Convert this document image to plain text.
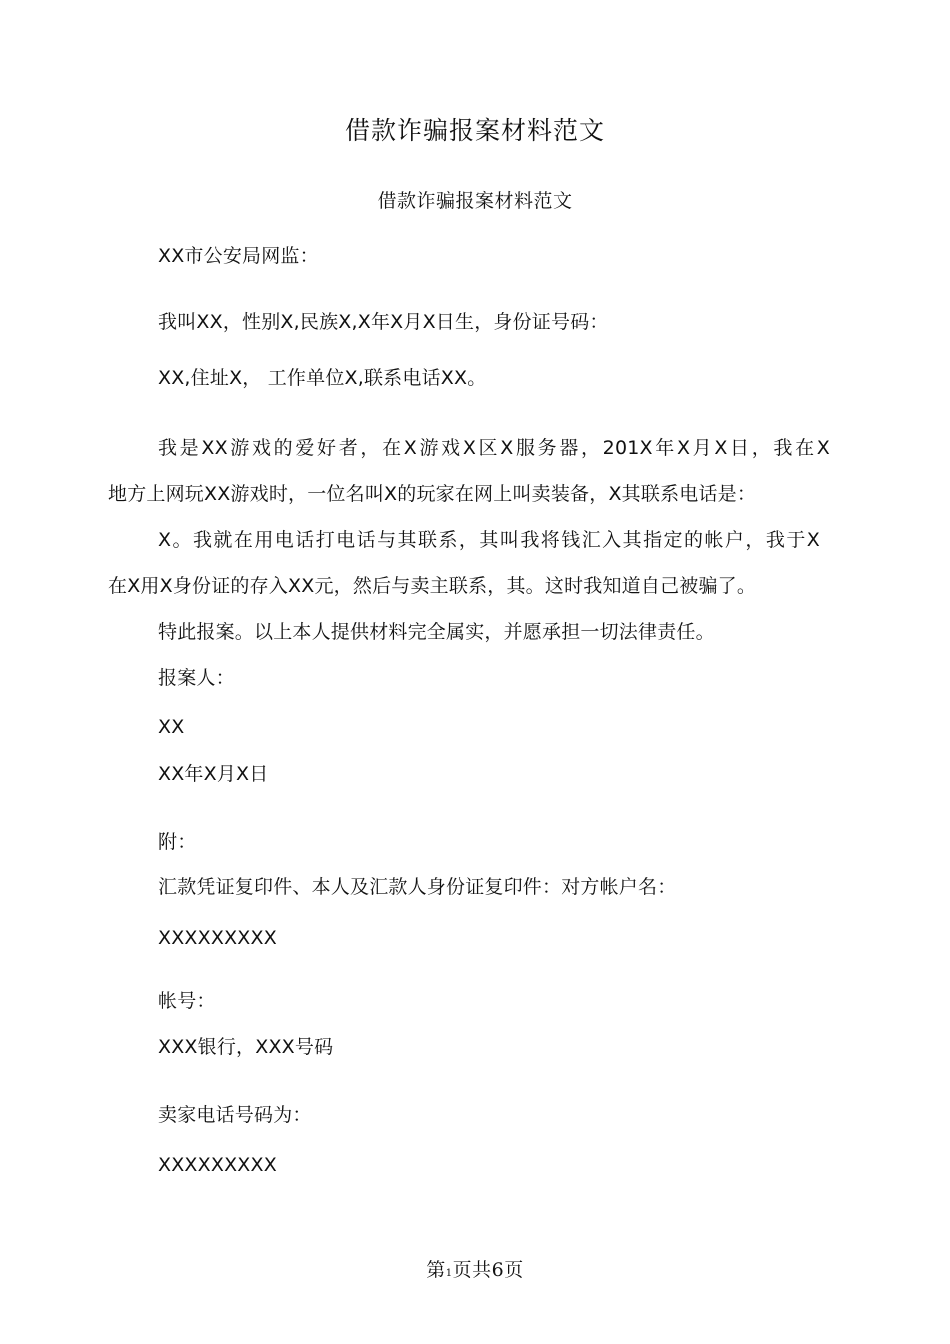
借款诈骗报案材料范文
借款诈骗报案材料范文
XX市公安局网监：
我叫XX，性别X,民族X,X年X月X日生，身份证号码：
XX,住址X， 工作单位X,联系电话XX。
我是XX游戏的爱好者，在X游戏X区X服务器，201X年X月X日，我在X
地方上网玩XX游戏时，一位名叫X的玩家在网上叫卖装备，X其联系电话是：
X。我就在用电话打电话与其联系，其叫我将钱汇入其指定的帐户，我于X
在X用X身份证的存入XX元，然后与卖主联系，其。这时我知道自己被骗了。
特此报案。以上本人提供材料完全属实，并愿承担一切法律责任。
报案人：
XX
XX年X月X日
附：
汇款凭证复印件、本人及汇款人身份证复印件：对方帐户名：
XXXXXXXXX
帐号：
XXX银行，XXX号码
卖家电话号码为：
XXXXXXXXX
第1页共6页
